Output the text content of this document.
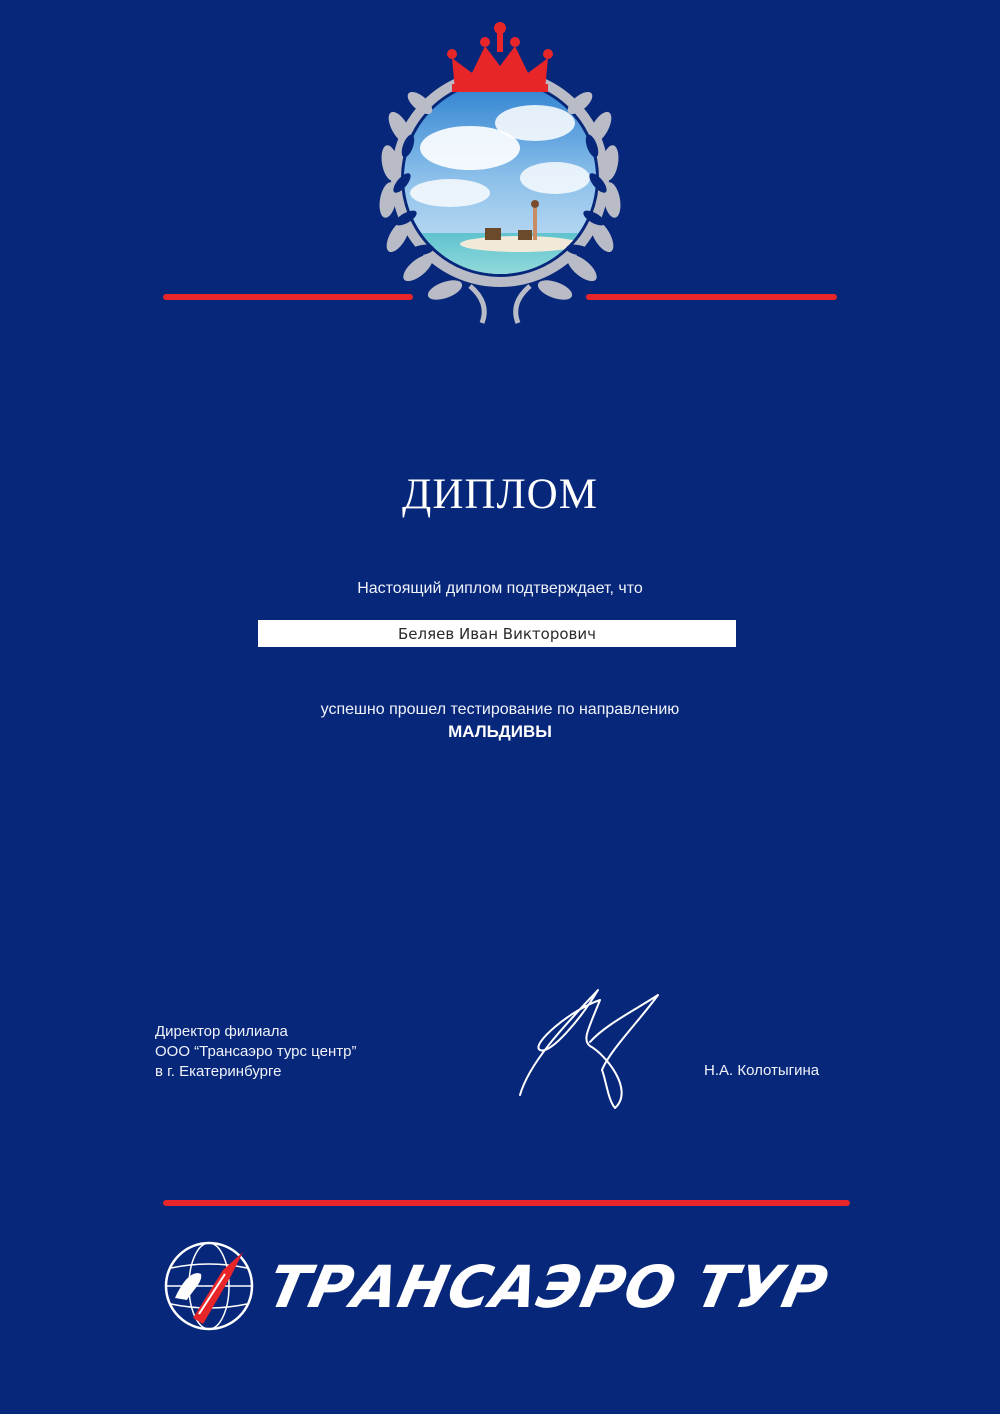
ДИПЛОМ
Настоящий диплом подтверждает, что
Беляев Иван Викторович
успешно прошел тестирование по направлению
МАЛЬДИВЫ
Директор филиала
ООО “Трансаэро турс центр”
в г. Екатеринбурге	Н.А. Колотыгина
ТРАНСАЭРО ТУР
